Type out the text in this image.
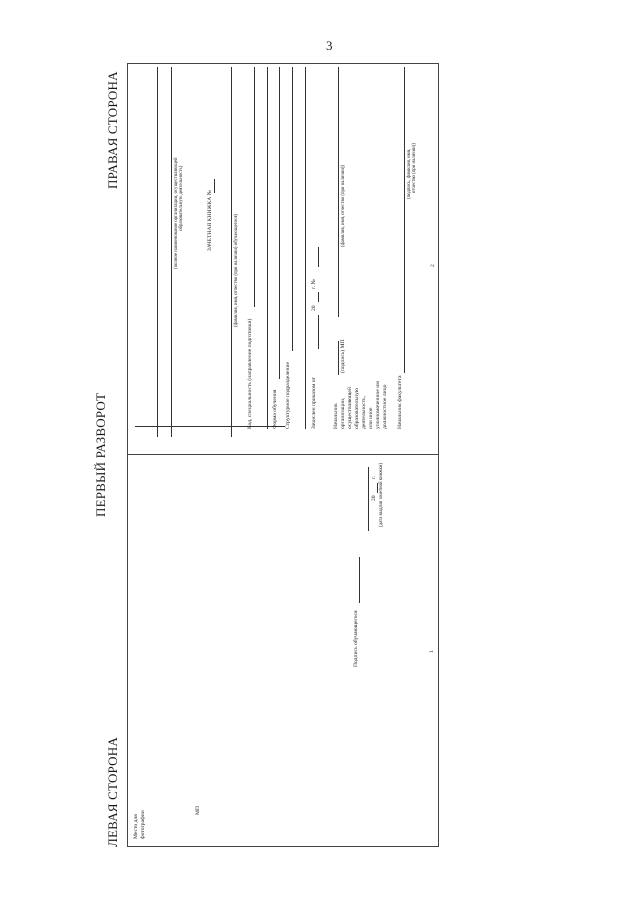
3
ЛЕВАЯ СТОРОНА
ПЕРВЫЙ РАЗВОРОТ
ПРАВАЯ СТОРОНА
Место для фотографии	МП
Подпись обучающегося
20
г. (дата выдачи зачетной книжки)
1
(полное наименование организации, осуществляющей образовательную деятельность)	ЗАЧЕТНАЯ КНИЖКА №	(фамилия, имя, отчество (при наличии) обучающегося)
Код, специальность (направление подготовки)	Форма обучения Структурное подразделение	Зачислен приказом от
20
г. №
Начальник организации, осуществляющей образовательную деятельность, или иное уполномоченное им должностное лицо
(подпись) МП
(фамилия, имя, отчество (при наличии))
Начальник факультета
(подпись, фамилия, имя, отчество (при наличии))
2
